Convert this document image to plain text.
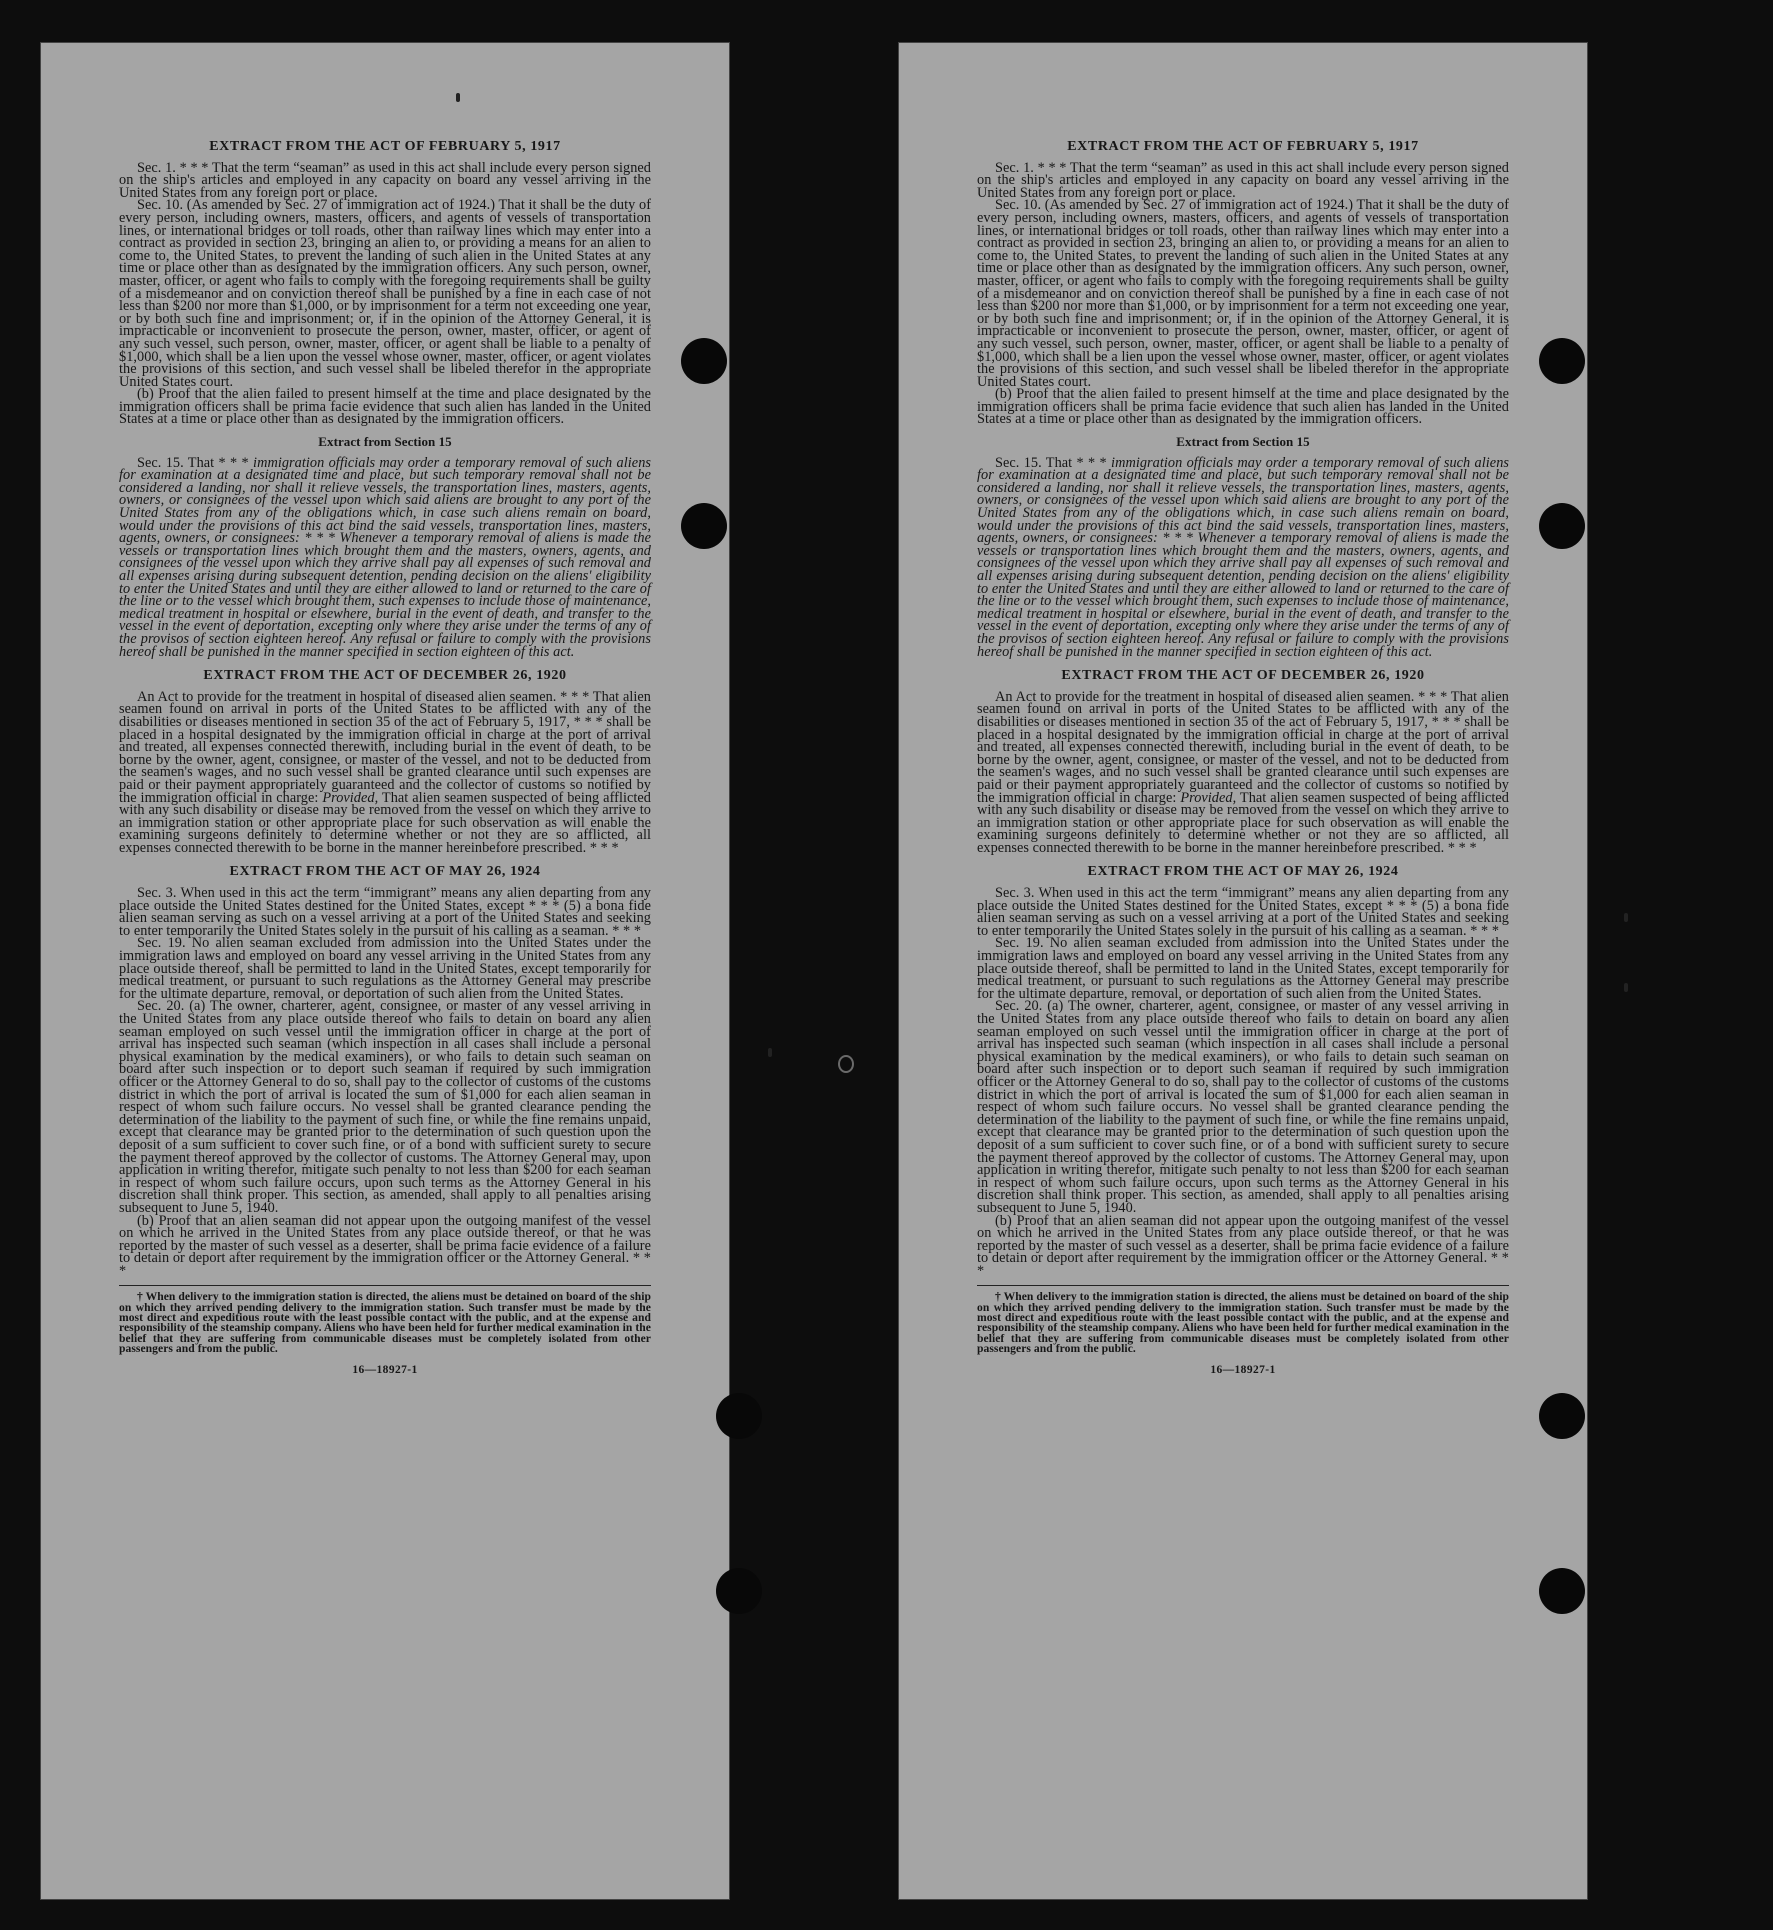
EXTRACT FROM THE ACT OF FEBRUARY 5, 1917

Sec. 1. * * * That the term “seaman” as used in this act shall include every person signed on the ship's articles and employed in any capacity on board any vessel arriving in the United States from any foreign port or place.

Sec. 10. (As amended by Sec. 27 of immigration act of 1924.) That it shall be the duty of every person, including owners, masters, officers, and agents of vessels of transportation lines, or international bridges or toll roads, other than railway lines which may enter into a contract as provided in section 23, bringing an alien to, or providing a means for an alien to come to, the United States, to prevent the landing of such alien in the United States at any time or place other than as designated by the immigration officers. Any such person, owner, master, officer, or agent who fails to comply with the foregoing requirements shall be guilty of a misdemeanor and on conviction thereof shall be punished by a fine in each case of not less than $200 nor more than $1,000, or by imprisonment for a term not exceeding one year, or by both such fine and imprisonment; or, if in the opinion of the Attorney General, it is impracticable or inconvenient to prosecute the person, owner, master, officer, or agent of any such vessel, such person, owner, master, officer, or agent shall be liable to a penalty of $1,000, which shall be a lien upon the vessel whose owner, master, officer, or agent violates the provisions of this section, and such vessel shall be libeled therefor in the appropriate United States court.

(b) Proof that the alien failed to present himself at the time and place designated by the immigration officers shall be prima facie evidence that such alien has landed in the United States at a time or place other than as designated by the immigration officers.

Extract from Section 15

Sec. 15. That * * * immigration officials may order a temporary removal of such aliens for examination at a designated time and place, but such temporary removal shall not be considered a landing, nor shall it relieve vessels, the transportation lines, masters, agents, owners, or consignees of the vessel upon which said aliens are brought to any port of the United States from any of the obligations which, in case such aliens remain on board, would under the provisions of this act bind the said vessels, transportation lines, masters, agents, owners, or consignees: * * * Whenever a temporary removal of aliens is made the vessels or transportation lines which brought them and the masters, owners, agents, and consignees of the vessel upon which they arrive shall pay all expenses of such removal and all expenses arising during subsequent detention, pending decision on the aliens' eligibility to enter the United States and until they are either allowed to land or returned to the care of the line or to the vessel which brought them, such expenses to include those of maintenance, medical treatment in hospital or elsewhere, burial in the event of death, and transfer to the vessel in the event of deportation, excepting only where they arise under the terms of any of the provisos of section eighteen hereof. Any refusal or failure to comply with the provisions hereof shall be punished in the manner specified in section eighteen of this act.

EXTRACT FROM THE ACT OF DECEMBER 26, 1920

An Act to provide for the treatment in hospital of diseased alien seamen. * * * That alien seamen found on arrival in ports of the United States to be afflicted with any of the disabilities or diseases mentioned in section 35 of the act of February 5, 1917, * * * shall be placed in a hospital designated by the immigration official in charge at the port of arrival and treated, all expenses connected therewith, including burial in the event of death, to be borne by the owner, agent, consignee, or master of the vessel, and not to be deducted from the seamen's wages, and no such vessel shall be granted clearance until such expenses are paid or their payment appropriately guaranteed and the collector of customs so notified by the immigration official in charge: Provided, That alien seamen suspected of being afflicted with any such disability or disease may be removed from the vessel on which they arrive to an immigration station or other appropriate place for such observation as will enable the examining surgeons definitely to determine whether or not they are so afflicted, all expenses connected therewith to be borne in the manner hereinbefore prescribed. * * *

EXTRACT FROM THE ACT OF MAY 26, 1924

Sec. 3. When used in this act the term “immigrant” means any alien departing from any place outside the United States destined for the United States, except * * * (5) a bona fide alien seaman serving as such on a vessel arriving at a port of the United States and seeking to enter temporarily the United States solely in the pursuit of his calling as a seaman. * * *

Sec. 19. No alien seaman excluded from admission into the United States under the immigration laws and employed on board any vessel arriving in the United States from any place outside thereof, shall be permitted to land in the United States, except temporarily for medical treatment, or pursuant to such regulations as the Attorney General may prescribe for the ultimate departure, removal, or deportation of such alien from the United States.

Sec. 20. (a) The owner, charterer, agent, consignee, or master of any vessel arriving in the United States from any place outside thereof who fails to detain on board any alien seaman employed on such vessel until the immigration officer in charge at the port of arrival has inspected such seaman (which inspection in all cases shall include a personal physical examination by the medical examiners), or who fails to detain such seaman on board after such inspection or to deport such seaman if required by such immigration officer or the Attorney General to do so, shall pay to the collector of customs of the customs district in which the port of arrival is located the sum of $1,000 for each alien seaman in respect of whom such failure occurs. No vessel shall be granted clearance pending the determination of the liability to the payment of such fine, or while the fine remains unpaid, except that clearance may be granted prior to the determination of such question upon the deposit of a sum sufficient to cover such fine, or of a bond with sufficient surety to secure the payment thereof approved by the collector of customs. The Attorney General may, upon application in writing therefor, mitigate such penalty to not less than $200 for each seaman in respect of whom such failure occurs, upon such terms as the Attorney General in his discretion shall think proper. This section, as amended, shall apply to all penalties arising subsequent to June 5, 1940.

(b) Proof that an alien seaman did not appear upon the outgoing manifest of the vessel on which he arrived in the United States from any place outside thereof, or that he was reported by the master of such vessel as a deserter, shall be prima facie evidence of a failure to detain or deport after requirement by the immigration officer or the Attorney General. * * *

† When delivery to the immigration station is directed, the aliens must be detained on board of the ship on which they arrived pending delivery to the immigration station. Such transfer must be made by the most direct and expeditious route with the least possible contact with the public, and at the expense and responsibility of the steamship company. Aliens who have been held for further medical examination in the belief that they are suffering from communicable diseases must be completely isolated from other passengers and from the public.

16—18927-1
EXTRACT FROM THE ACT OF FEBRUARY 5, 1917

Sec. 1. * * * That the term “seaman” as used in this act shall include every person signed on the ship's articles and employed in any capacity on board any vessel arriving in the United States from any foreign port or place.

Sec. 10. (As amended by Sec. 27 of immigration act of 1924.) That it shall be the duty of every person, including owners, masters, officers, and agents of vessels of transportation lines, or international bridges or toll roads, other than railway lines which may enter into a contract as provided in section 23, bringing an alien to, or providing a means for an alien to come to, the United States, to prevent the landing of such alien in the United States at any time or place other than as designated by the immigration officers. Any such person, owner, master, officer, or agent who fails to comply with the foregoing requirements shall be guilty of a misdemeanor and on conviction thereof shall be punished by a fine in each case of not less than $200 nor more than $1,000, or by imprisonment for a term not exceeding one year, or by both such fine and imprisonment; or, if in the opinion of the Attorney General, it is impracticable or inconvenient to prosecute the person, owner, master, officer, or agent of any such vessel, such person, owner, master, officer, or agent shall be liable to a penalty of $1,000, which shall be a lien upon the vessel whose owner, master, officer, or agent violates the provisions of this section, and such vessel shall be libeled therefor in the appropriate United States court.

(b) Proof that the alien failed to present himself at the time and place designated by the immigration officers shall be prima facie evidence that such alien has landed in the United States at a time or place other than as designated by the immigration officers.

Extract from Section 15

Sec. 15. That * * * immigration officials may order a temporary removal of such aliens for examination at a designated time and place, but such temporary removal shall not be considered a landing, nor shall it relieve vessels, the transportation lines, masters, agents, owners, or consignees of the vessel upon which said aliens are brought to any port of the United States from any of the obligations which, in case such aliens remain on board, would under the provisions of this act bind the said vessels, transportation lines, masters, agents, owners, or consignees: * * * Whenever a temporary removal of aliens is made the vessels or transportation lines which brought them and the masters, owners, agents, and consignees of the vessel upon which they arrive shall pay all expenses of such removal and all expenses arising during subsequent detention, pending decision on the aliens' eligibility to enter the United States and until they are either allowed to land or returned to the care of the line or to the vessel which brought them, such expenses to include those of maintenance, medical treatment in hospital or elsewhere, burial in the event of death, and transfer to the vessel in the event of deportation, excepting only where they arise under the terms of any of the provisos of section eighteen hereof. Any refusal or failure to comply with the provisions hereof shall be punished in the manner specified in section eighteen of this act.

EXTRACT FROM THE ACT OF DECEMBER 26, 1920

An Act to provide for the treatment in hospital of diseased alien seamen. * * * That alien seamen found on arrival in ports of the United States to be afflicted with any of the disabilities or diseases mentioned in section 35 of the act of February 5, 1917, * * * shall be placed in a hospital designated by the immigration official in charge at the port of arrival and treated, all expenses connected therewith, including burial in the event of death, to be borne by the owner, agent, consignee, or master of the vessel, and not to be deducted from the seamen's wages, and no such vessel shall be granted clearance until such expenses are paid or their payment appropriately guaranteed and the collector of customs so notified by the immigration official in charge: Provided, That alien seamen suspected of being afflicted with any such disability or disease may be removed from the vessel on which they arrive to an immigration station or other appropriate place for such observation as will enable the examining surgeons definitely to determine whether or not they are so afflicted, all expenses connected therewith to be borne in the manner hereinbefore prescribed. * * *

EXTRACT FROM THE ACT OF MAY 26, 1924

Sec. 3. When used in this act the term “immigrant” means any alien departing from any place outside the United States destined for the United States, except * * * (5) a bona fide alien seaman serving as such on a vessel arriving at a port of the United States and seeking to enter temporarily the United States solely in the pursuit of his calling as a seaman. * * *

Sec. 19. No alien seaman excluded from admission into the United States under the immigration laws and employed on board any vessel arriving in the United States from any place outside thereof, shall be permitted to land in the United States, except temporarily for medical treatment, or pursuant to such regulations as the Attorney General may prescribe for the ultimate departure, removal, or deportation of such alien from the United States.

Sec. 20. (a) The owner, charterer, agent, consignee, or master of any vessel arriving in the United States from any place outside thereof who fails to detain on board any alien seaman employed on such vessel until the immigration officer in charge at the port of arrival has inspected such seaman (which inspection in all cases shall include a personal physical examination by the medical examiners), or who fails to detain such seaman on board after such inspection or to deport such seaman if required by such immigration officer or the Attorney General to do so, shall pay to the collector of customs of the customs district in which the port of arrival is located the sum of $1,000 for each alien seaman in respect of whom such failure occurs. No vessel shall be granted clearance pending the determination of the liability to the payment of such fine, or while the fine remains unpaid, except that clearance may be granted prior to the determination of such question upon the deposit of a sum sufficient to cover such fine, or of a bond with sufficient surety to secure the payment thereof approved by the collector of customs. The Attorney General may, upon application in writing therefor, mitigate such penalty to not less than $200 for each seaman in respect of whom such failure occurs, upon such terms as the Attorney General in his discretion shall think proper. This section, as amended, shall apply to all penalties arising subsequent to June 5, 1940.

(b) Proof that an alien seaman did not appear upon the outgoing manifest of the vessel on which he arrived in the United States from any place outside thereof, or that he was reported by the master of such vessel as a deserter, shall be prima facie evidence of a failure to detain or deport after requirement by the immigration officer or the Attorney General. * * *

† When delivery to the immigration station is directed, the aliens must be detained on board of the ship on which they arrived pending delivery to the immigration station. Such transfer must be made by the most direct and expeditious route with the least possible contact with the public, and at the expense and responsibility of the steamship company. Aliens who have been held for further medical examination in the belief that they are suffering from communicable diseases must be completely isolated from other passengers and from the public.

16—18927-1
